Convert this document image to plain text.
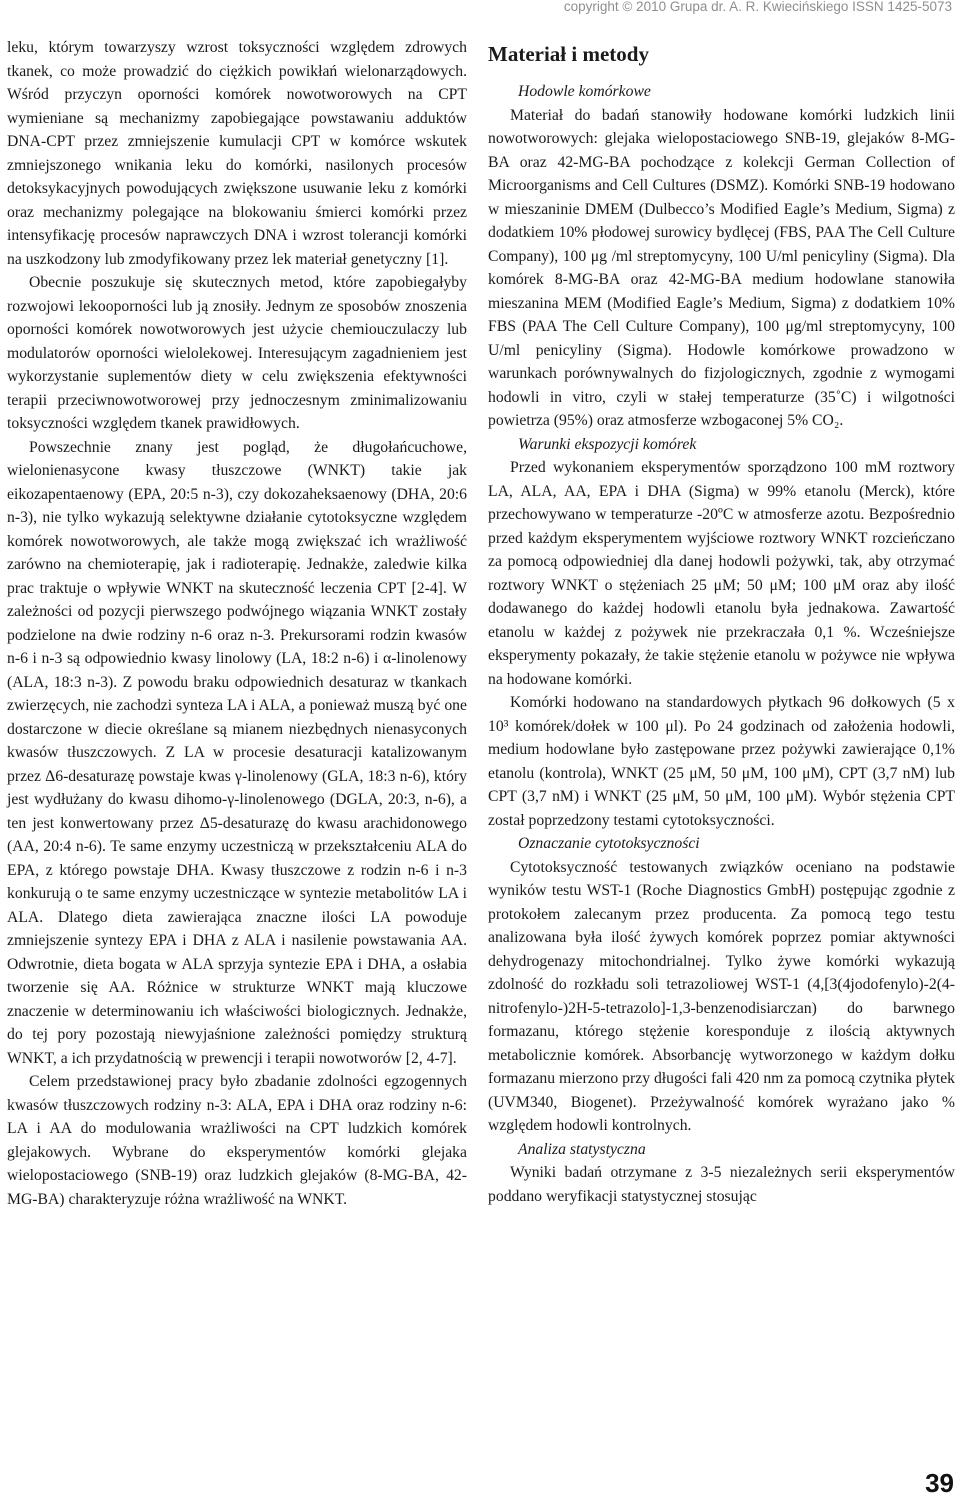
copyright © 2010 Grupa dr. A. R. Kwiecińskiego ISSN 1425-5073

leku, którym towarzyszy wzrost toksyczności względem zdrowych tkanek, co może prowadzić do ciężkich powikłań wielonarządowych. Wśród przyczyn oporności komórek nowotworowych na CPT wymieniane są mechanizmy zapobiegające powstawaniu adduktów DNA-CPT przez zmniejszenie kumulacji CPT w komórce wskutek zmniejszonego wnikania leku do komórki, nasilonych procesów detoksykacyjnych powodujących zwiększone usuwanie leku z komórki oraz mechanizmy polegające na blokowaniu śmierci komórki przez intensyfikację procesów naprawczych DNA i wzrost tolerancji komórki na uszkodzony lub zmodyfikowany przez lek materiał genetyczny [1].

Obecnie poszukuje się skutecznych metod, które zapobiegałyby rozwojowi lekooporności lub ją znosiły. Jednym ze sposobów znoszenia oporności komórek nowotworowych jest użycie chemiouczulaczy lub modulatorów oporności wielolekowej. Interesującym zagadnieniem jest wykorzystanie suplementów diety w celu zwiększenia efektywności terapii przeciwnowotworowej przy jednoczesnym zminimalizowaniu toksyczności względem tkanek prawidłowych.

Powszechnie znany jest pogląd, że długołańcuchowe, wielonienasycone kwasy tłuszczowe (WNKT) takie jak eikozapentaenowy (EPA, 20:5 n-3), czy dokozaheksaenowy (DHA, 20:6 n-3), nie tylko wykazują selektywne działanie cytotoksyczne względem komórek nowotworowych, ale także mogą zwiększać ich wrażliwość zarówno na chemioterapię, jak i radioterapię. Jednakże, zaledwie kilka prac traktuje o wpływie WNKT na skuteczność leczenia CPT [2-4]. W zależności od pozycji pierwszego podwójnego wiązania WNKT zostały podzielone na dwie rodziny n-6 oraz n-3. Prekursorami rodzin kwasów n-6 i n-3 są odpowiednio kwasy linolowy (LA, 18:2 n-6) i α-linolenowy (ALA, 18:3 n-3). Z powodu braku odpowiednich desaturaz w tkankach zwierzęcych, nie zachodzi synteza LA i ALA, a ponieważ muszą być one dostarczone w diecie określane są mianem niezbędnych nienasyconych kwasów tłuszczowych. Z LA w procesie desaturacji katalizowanym przez Δ6-desaturazę powstaje kwas γ-linolenowy (GLA, 18:3 n-6), który jest wydłużany do kwasu dihomo-γ-linolenowego (DGLA, 20:3, n-6), a ten jest konwertowany przez Δ5-desaturazę do kwasu arachidonowego (AA, 20:4 n-6). Te same enzymy uczestniczą w przekształceniu ALA do EPA, z którego powstaje DHA. Kwasy tłuszczowe z rodzin n-6 i n-3 konkurują o te same enzymy uczestniczące w syntezie metabolitów LA i ALA. Dlatego dieta zawierająca znaczne ilości LA powoduje zmniejszenie syntezy EPA i DHA z ALA i nasilenie powstawania AA. Odwrotnie, dieta bogata w ALA sprzyja syntezie EPA i DHA, a osłabia tworzenie się AA. Różnice w strukturze WNKT mają kluczowe znaczenie w determinowaniu ich właściwości biologicznych. Jednakże, do tej pory pozostają niewyjaśnione zależności pomiędzy strukturą WNKT, a ich przydatnością w prewencji i terapii nowotworów [2, 4-7].

Celem przedstawionej pracy było zbadanie zdolności egzogennych kwasów tłuszczowych rodziny n-3: ALA, EPA i DHA oraz rodziny n-6: LA i AA do modulowania wrażliwości na CPT ludzkich komórek glejakowych. Wybrane do eksperymentów komórki glejaka wielopostaciowego (SNB-19) oraz ludzkich glejaków (8-MG-BA, 42-MG-BA) charakteryzuje różna wrażliwość na WNKT.

Materiał i metody

Hodowle komórkowe

Materiał do badań stanowiły hodowane komórki ludzkich linii nowotworowych: glejaka wielopostaciowego SNB-19, glejaków 8-MG-BA oraz 42-MG-BA pochodzące z kolekcji German Collection of Microorganisms and Cell Cultures (DSMZ). Komórki SNB-19 hodowano w mieszaninie DMEM (Dulbecco’s Modified Eagle’s Medium, Sigma) z dodatkiem 10% płodowej surowicy bydlęcej (FBS, PAA The Cell Culture Company), 100 μg /ml streptomycyny, 100 U/ml penicyliny (Sigma). Dla komórek 8-MG-BA oraz 42-MG-BA medium hodowlane stanowiła mieszanina MEM (Modified Eagle’s Medium, Sigma) z dodatkiem 10% FBS (PAA The Cell Culture Company), 100 μg/ml streptomycyny, 100 U/ml penicyliny (Sigma). Hodowle komórkowe prowadzono w warunkach porównywalnych do fizjologicznych, zgodnie z wymogami hodowli in vitro, czyli w stałej temperaturze (35˚C) i wilgotności powietrza (95%) oraz atmosferze wzbogaconej 5% CO₂.

Warunki ekspozycji komórek

Przed wykonaniem eksperymentów sporządzono 100 mM roztwory LA, ALA, AA, EPA i DHA (Sigma) w 99% etanolu (Merck), które przechowywano w temperaturze -20ºC w atmosferze azotu. Bezpośrednio przed każdym eksperymentem wyjściowe roztwory WNKT rozcieńczano za pomocą odpowiedniej dla danej hodowli pożywki, tak, aby otrzymać roztwory WNKT o stężeniach 25 μM; 50 μM; 100 μM oraz aby ilość dodawanego do każdej hodowli etanolu była jednakowa. Zawartość etanolu w każdej z pożywek nie przekraczała 0,1 %. Wcześniejsze eksperymenty pokazały, że takie stężenie etanolu w pożywce nie wpływa na hodowane komórki.

Komórki hodowano na standardowych płytkach 96 dołkowych (5 x 10³ komórek/dołek w 100 μl). Po 24 godzinach od założenia hodowli, medium hodowlane było zastępowane przez pożywki zawierające 0,1% etanolu (kontrola), WNKT (25 μM, 50 μM, 100 μM), CPT (3,7 nM) lub CPT (3,7 nM) i WNKT (25 μM, 50 μM, 100 μM). Wybór stężenia CPT został poprzedzony testami cytotoksyczności.

Oznaczanie cytotoksyczności

Cytotoksyczność testowanych związków oceniano na podstawie wyników testu WST-1 (Roche Diagnostics GmbH) postępując zgodnie z protokołem zalecanym przez producenta. Za pomocą tego testu analizowana była ilość żywych komórek poprzez pomiar aktywności dehydrogenazy mitochondrialnej. Tylko żywe komórki wykazują zdolność do rozkładu soli tetrazoliowej WST-1 (4,[3(4jodofenylo)-2(4-nitrofenylo-)2H-5-tetrazolo]-1,3-benzenodisiarczan) do barwnego formazanu, którego stężenie koresponduje z ilością aktywnych metabolicznie komórek. Absorbancję wytworzonego w każdym dołku formazanu mierzono przy długości fali 420 nm za pomocą czytnika płytek (UVM340, Biogenet). Przeżywalność komórek wyrażano jako % względem hodowli kontrolnych.

Analiza statystyczna

Wyniki badań otrzymane z 3-5 niezależnych serii eksperymentów poddano weryfikacji statystycznej stosując

39
